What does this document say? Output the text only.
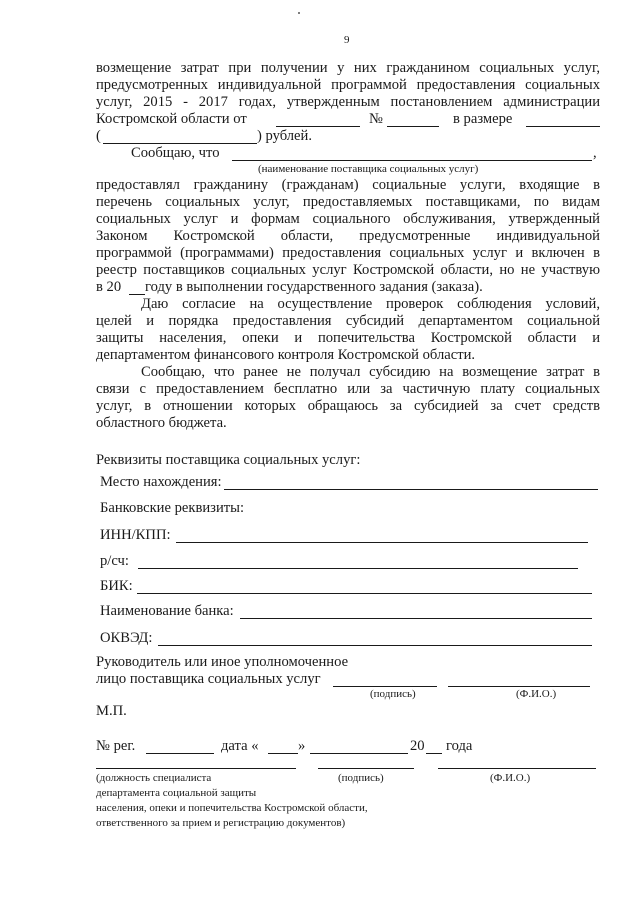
9
возмещение затрат при получении у них гражданином социальных услуг,
предусмотренных индивидуальной программой предоставления социальных
услуг, 2015 - 2017 годах, утвержденным постановлением администрации
Костромской области от	№	в размере
(	) рублей.
Сообщаю, что	,
(наименование поставщика социальных услуг)
предоставлял гражданину (гражданам) социальные услуги, входящие в
перечень социальных услуг, предоставляемых поставщиками, по видам
социальных услуг и формам социального обслуживания, утвержденный
Законом Костромской области, предусмотренные индивидуальной
программой (программами) предоставления социальных услуг и включен в
реестр поставщиков социальных услуг Костромской области, но не участвую
в 20 году в выполнении государственного задания (заказа).
Даю согласие на осуществление проверок соблюдения условий,
целей и порядка предоставления субсидий департаментом социальной
защиты населения, опеки и попечительства Костромской области и
департаментом финансового контроля Костромской области.
Сообщаю, что ранее не получал субсидию на возмещение затрат в
связи с предоставлением бесплатно или за частичную плату социальных
услуг, в отношении которых обращаюсь за субсидией за счет средств
областного бюджета.
Реквизиты поставщика социальных услуг:
Место нахождения:
Банковские реквизиты:
ИНН/КПП:
р/сч:
БИК:
Наименование банка:
ОКВЭД:
Руководитель или иное уполномоченное
лицо поставщика социальных услуг
(подпись)	(Ф.И.О.)
М.П.
№ рег.	дата «	»	20 года
(должность специалиста	(подпись)	(Ф.И.О.)
департамента социальной защиты
населения, опеки и попечительства Костромской области,
ответственного за прием и регистрацию документов)
